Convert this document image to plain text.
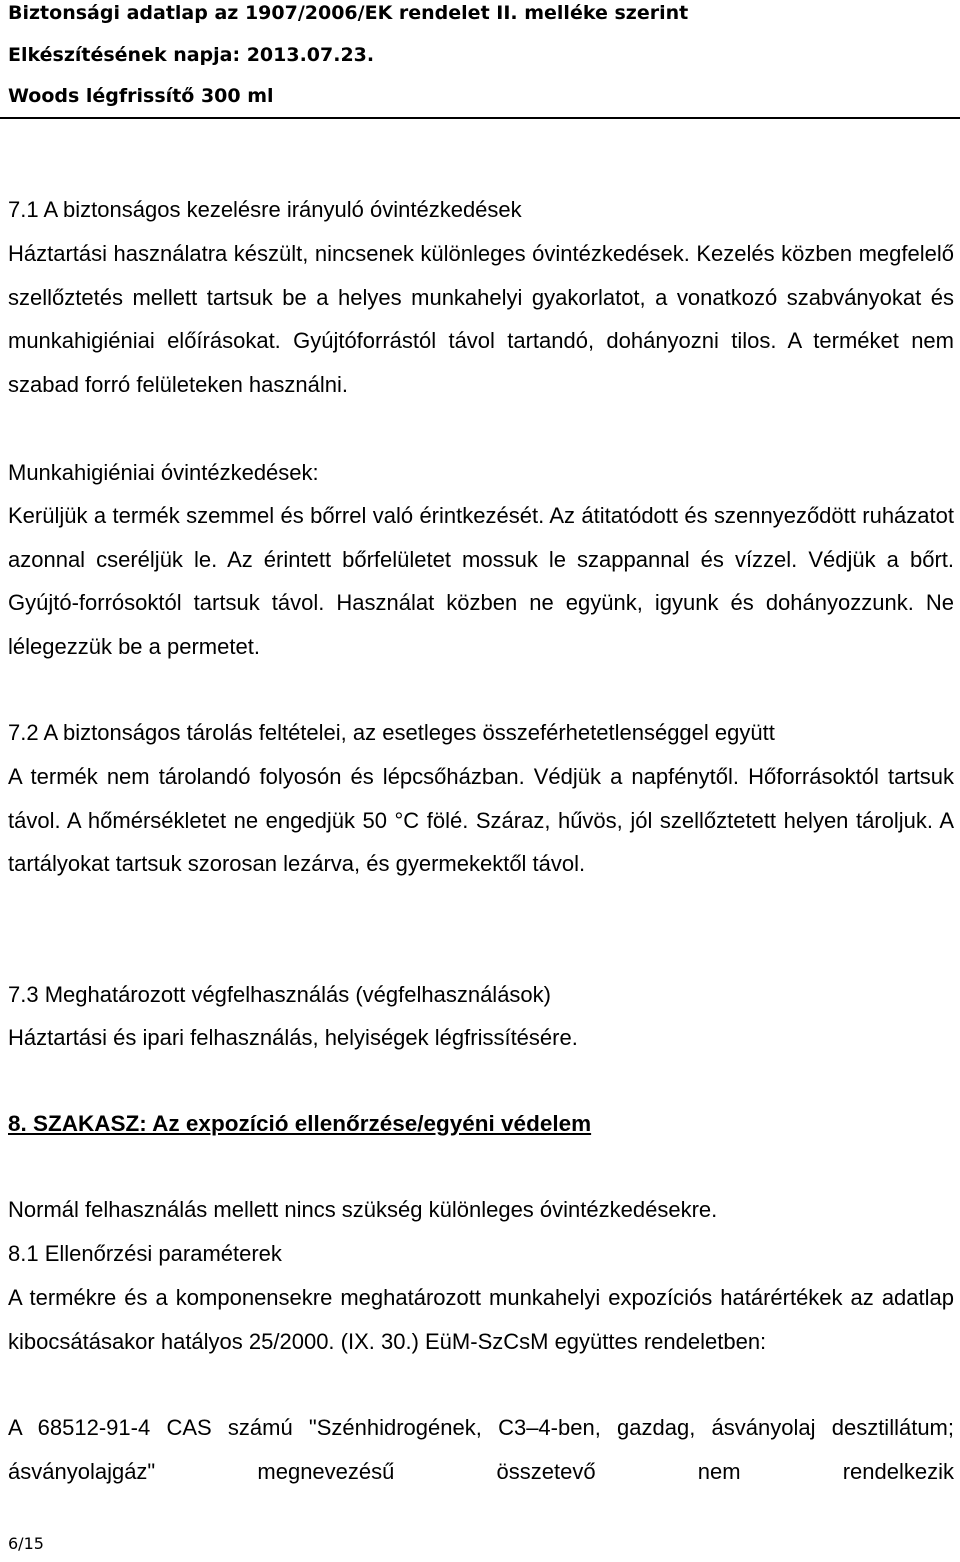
Biztonsági adatlap az 1907/2006/EK rendelet II. melléke szerint
Elkészítésének napja: 2013.07.23.
Woods légfrissítő 300 ml
7.1 A biztonságos kezelésre irányuló óvintézkedések
Háztartási használatra készült, nincsenek különleges óvintézkedések. Kezelés közben megfelelő szellőztetés mellett tartsuk be a helyes munkahelyi gyakorlatot, a vonatkozó szabványokat és munkahigiéniai előírásokat. Gyújtóforrástól távol tartandó, dohányozni tilos. A terméket nem szabad forró felületeken használni.
Munkahigiéniai óvintézkedések:
Kerüljük a termék szemmel és bőrrel való érintkezését. Az átitatódott és szennyeződött ruházatot azonnal cseréljük le. Az érintett bőrfelületet mossuk le szappannal és vízzel. Védjük a bőrt. Gyújtó-forrósoktól tartsuk távol. Használat közben ne együnk, igyunk és dohányozzunk. Ne lélegezzük be a permetet.
7.2 A biztonságos tárolás feltételei, az esetleges összeférhetetlenséggel együtt
A termék nem tárolandó folyosón és lépcsőházban. Védjük a napfénytől. Hőforrásoktól tartsuk távol. A hőmérsékletet ne engedjük 50 °C fölé. Száraz, hűvös, jól szellőztetett helyen tároljuk. A tartályokat tartsuk szorosan lezárva, és gyermekektől távol.
7.3 Meghatározott végfelhasználás (végfelhasználások)
Háztartási és ipari felhasználás, helyiségek légfrissítésére.
8. SZAKASZ: Az expozíció ellenőrzése/egyéni védelem
Normál felhasználás mellett nincs szükség különleges óvintézkedésekre.
8.1 Ellenőrzési paraméterek
A termékre és a komponensekre meghatározott munkahelyi expozíciós határértékek az adatlap kibocsátásakor hatályos 25/2000. (IX. 30.) EüM-SzCsM együttes rendeletben:
A 68512-91-4 CAS számú "Szénhidrogének, C3–4-ben, gazdag, ásványolaj desztillátum; ásványolajgáz" megnevezésű összetevő nem rendelkezik
6/15
